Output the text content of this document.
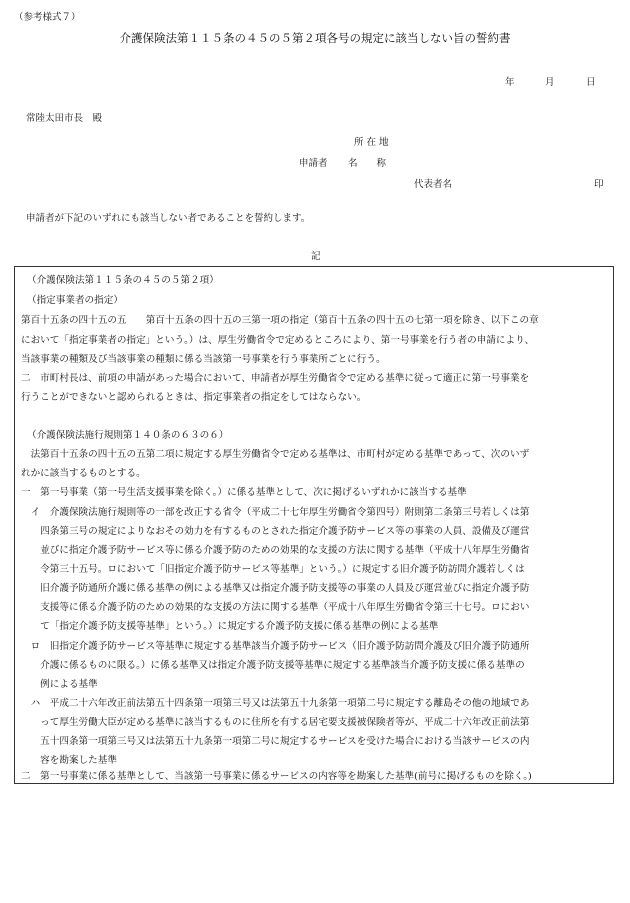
（参考様式７）
介護保険法第１１５条の４５の５第２項各号の規定に該当しない旨の誓約書
年	月	日
常陸太田市長　殿
所 在 地
申請者 名　　称
代表者名	印
申請者が下記のいずれにも該当しない者であることを誓約します。
記
（介護保険法第１１５条の４５の５第２項）
（指定事業者の指定）
第百十五条の四十五の五　　第百十五条の四十五の三第一項の指定（第百十五条の四十五の七第一項を除き、以下この章
において「指定事業者の指定」という。）は、厚生労働省令で定めるところにより、第一号事業を行う者の申請により、
当該事業の種類及び当該事業の種類に係る当該第一号事業を行う事業所ごとに行う。
二　市町村長は、前項の申請があった場合において、申請者が厚生労働省令で定める基準に従って適正に第一号事業を
行うことができないと認められるときは、指定事業者の指定をしてはならない。
（介護保険法施行規則第１４０条の６３の６）
　法第百十五条の四十五の五第二項に規定する厚生労働省令で定める基準は、市町村が定める基準であって、次のいず
れかに該当するものとする。
一　第一号事業（第一号生活支援事業を除く。）に係る基準として、次に掲げるいずれかに該当する基準
　イ　介護保険法施行規則等の一部を改正する省令（平成二十七年厚生労働省令第四号）附則第二条第三号若しくは第
　　四条第三号の規定によりなおその効力を有するものとされた指定介護予防サービス等の事業の人員、設備及び運営
　　並びに指定介護予防サービス等に係る介護予防のための効果的な支援の方法に関する基準（平成十八年厚生労働省
　　令第三十五号。ロにおいて「旧指定介護予防サービス等基準」という。）に規定する旧介護予防訪問介護若しくは
　　旧介護予防通所介護に係る基準の例による基準又は指定介護予防支援等の事業の人員及び運営並びに指定介護予防
　　支援等に係る介護予防のための効果的な支援の方法に関する基準（平成十八年厚生労働省令第三十七号。ロにおい
　　て「指定介護予防支援等基準」という。）に規定する介護予防支援に係る基準の例による基準
　ロ　旧指定介護予防サービス等基準に規定する基準該当介護予防サービス（旧介護予防訪問介護及び旧介護予防通所
　　介護に係るものに限る。）に係る基準又は指定介護予防支援等基準に規定する基準該当介護予防支援に係る基準の
　　例による基準
　ハ　平成二十六年改正前法第五十四条第一項第三号又は法第五十九条第一項第二号に規定する離島その他の地域であ
　　って厚生労働大臣が定める基準に該当するものに住所を有する居宅要支援被保険者等が、平成二十六年改正前法第
　　五十四条第一項第三号又は法第五十九条第一項第二号に規定するサービスを受けた場合における当該サービスの内
　　容を勘案した基準
二　第一号事業に係る基準として、当該第一号事業に係るサービスの内容等を勘案した基準(前号に掲げるものを除く。)
